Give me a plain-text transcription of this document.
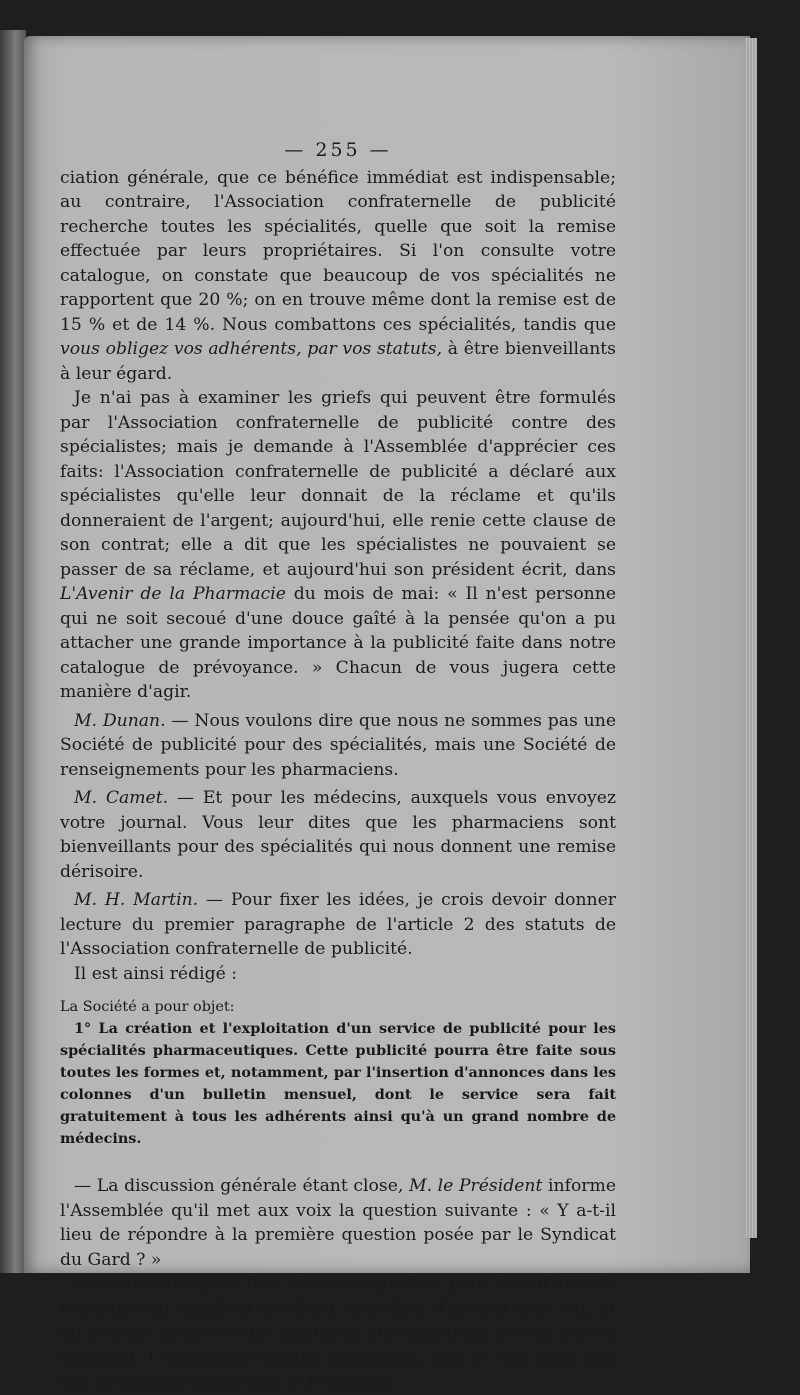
— 255 —

ciation générale, que ce bénéfice immédiat est indispensable; au contraire, l'Association confraternelle de publicité recherche toutes les spécialités, quelle que soit la remise effectuée par leurs propriétaires. Si l'on consulte votre catalogue, on constate que beaucoup de vos spécialités ne rapportent que 20 %; on en trouve même dont la remise est de 15 % et de 14 %. Nous combattons ces spécialités, tandis que vous obligez vos adhérents, par vos statuts, à être bienveillants à leur égard.

Je n'ai pas à examiner les griefs qui peuvent être formulés par l'Association confraternelle de publicité contre des spécialistes; mais je demande à l'Assemblée d'apprécier ces faits: l'Association confraternelle de publicité a déclaré aux spécialistes qu'elle leur donnait de la réclame et qu'ils donneraient de l'argent; aujourd'hui, elle renie cette clause de son contrat; elle a dit que les spécialistes ne pouvaient se passer de sa réclame, et aujourd'hui son président écrit, dans L'Avenir de la Pharmacie du mois de mai: « Il n'est personne qui ne soit secoué d'une douce gaîté à la pensée qu'on a pu attacher une grande importance à la publicité faite dans notre catalogue de prévoyance. » Chacun de vous jugera cette manière d'agir.

M. Dunan. — Nous voulons dire que nous ne sommes pas une Société de publicité pour des spécialités, mais une Société de renseignements pour les pharmaciens.

M. Camet. — Et pour les médecins, auxquels vous envoyez votre journal. Vous leur dites que les pharmaciens sont bienveillants pour des spécialités qui nous donnent une remise dérisoire.

M. H. Martin. — Pour fixer les idées, je crois devoir donner lecture du premier paragraphe de l'article 2 des statuts de l'Association confraternelle de publicité.

Il est ainsi rédigé :

La Société a pour objet:

1° La création et l'exploitation d'un service de publicité pour les spécialités pharmaceutiques. Cette publicité pourra être faite sous toutes les formes et, notamment, par l'insertion d'annonces dans les colonnes d'un bulletin mensuel, dont le service sera fait gratuitement à tous les adhérents ainsi qu'à un grand nombre de médecins.

— La discussion générale étant close, M. le Président informe l'Assemblée qu'il met aux voix la question suivante : « Y a-t-il lieu de répondre à la première question posée par le Syndicat du Gard ? »

Plusieurs délégués font observer que l'on peut être d'avis de répondre au Syndicat du Gard sans être d'accord avec lui, et qu'on peut proposer des additions aux questions posées par ce Syndicat; l'Assemblée décide, cependant, que le vote aura lieu sur la question posée par le Président.
